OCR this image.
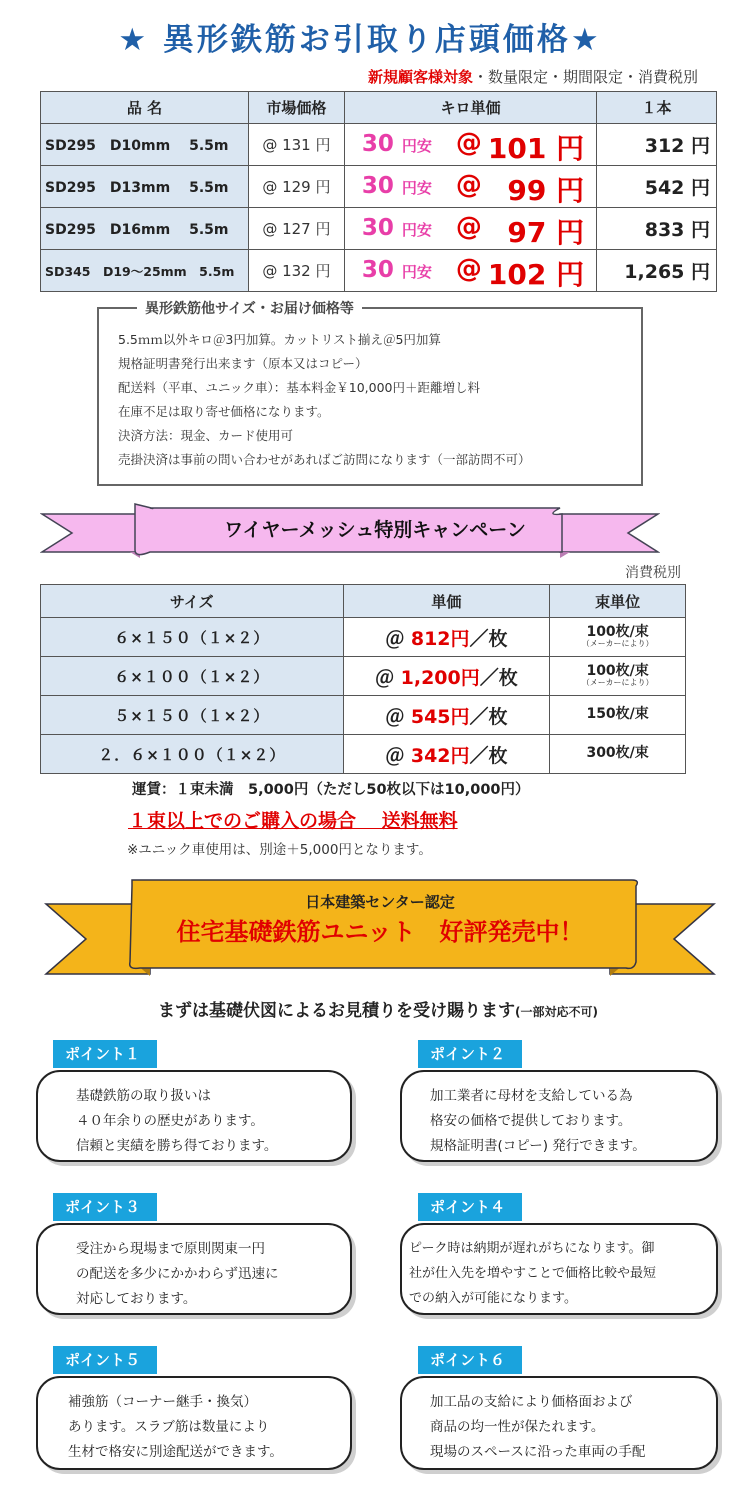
★ 異形鉄筋お引取り店頭価格★
新規顧客様対象・数量限定・期間限定・消費税別
品 名	市場価格	キロ単価	１本
SD295　D10mm　 5.5m	@ 131 円	30 円安 @ 101 円	312 円
SD295　D13mm　 5.5m	@ 129 円	30 円安 @ 99 円	542 円
SD295　D16mm　 5.5m	@ 127 円	30 円安 @ 97 円	833 円
SD345　D19～25mm　5.5m	@ 132 円	30 円安 @ 102 円	1,265 円
異形鉄筋他サイズ・お届け価格等
5.5ｍｍ以外キロ＠3円加算。カットリスト揃え＠5円加算
規格証明書発行出来ます（原本又はコピー）
配送料（平車、ユニック車）：基本料金￥10,000円＋距離増し料
在庫不足は取り寄せ価格になります。
決済方法：現金、カード使用可
売掛決済は事前の問い合わせがあればご訪問になります（一部訪問不可）
ワイヤーメッシュ特別キャンペーン
消費税別
サイズ	単価	束単位
６×１５０（１×２）	＠ 812円／枚	100枚/束
（メーカーにより）

６×１００（１×２）	＠ 1,200円／枚	100枚/束
（メーカーにより）

５×１５０（１×２）	＠ 545円／枚	150枚/束
２．６×１００（１×２）	＠ 342円／枚	300枚/束
運賃：１束未満　5,000円（ただし50枚以下は10,000円）
１束以上でのご購入の場合　 送料無料
※ユニック車使用は、別途＋5,000円となります。
日本建築センター認定
住宅基礎鉄筋ユニット　好評発売中！
まずは基礎伏図によるお見積りを受け賜ります(一部対応不可)
ポイント１
基礎鉄筋の取り扱いは
４０年余りの歴史があります。
信頼と実績を勝ち得ております。
ポイント２
加工業者に母材を支給している為
格安の価格で提供しております。
規格証明書(コピー) 発行できます。
ポイント３
受注から現場まで原則関東一円
の配送を多少にかかわらず迅速に
対応しております。
ポイント４
ピーク時は納期が遅れがちになります。御
社が仕入先を増やすことで価格比較や最短
での納入が可能になります。
ポイント５
補強筋（コーナー継手・換気）
あります。スラブ筋は数量により
生材で格安に別途配送ができます。
ポイント６
加工品の支給により価格面および
商品の均一性が保たれます。
現場のスペースに沿った車両の手配
